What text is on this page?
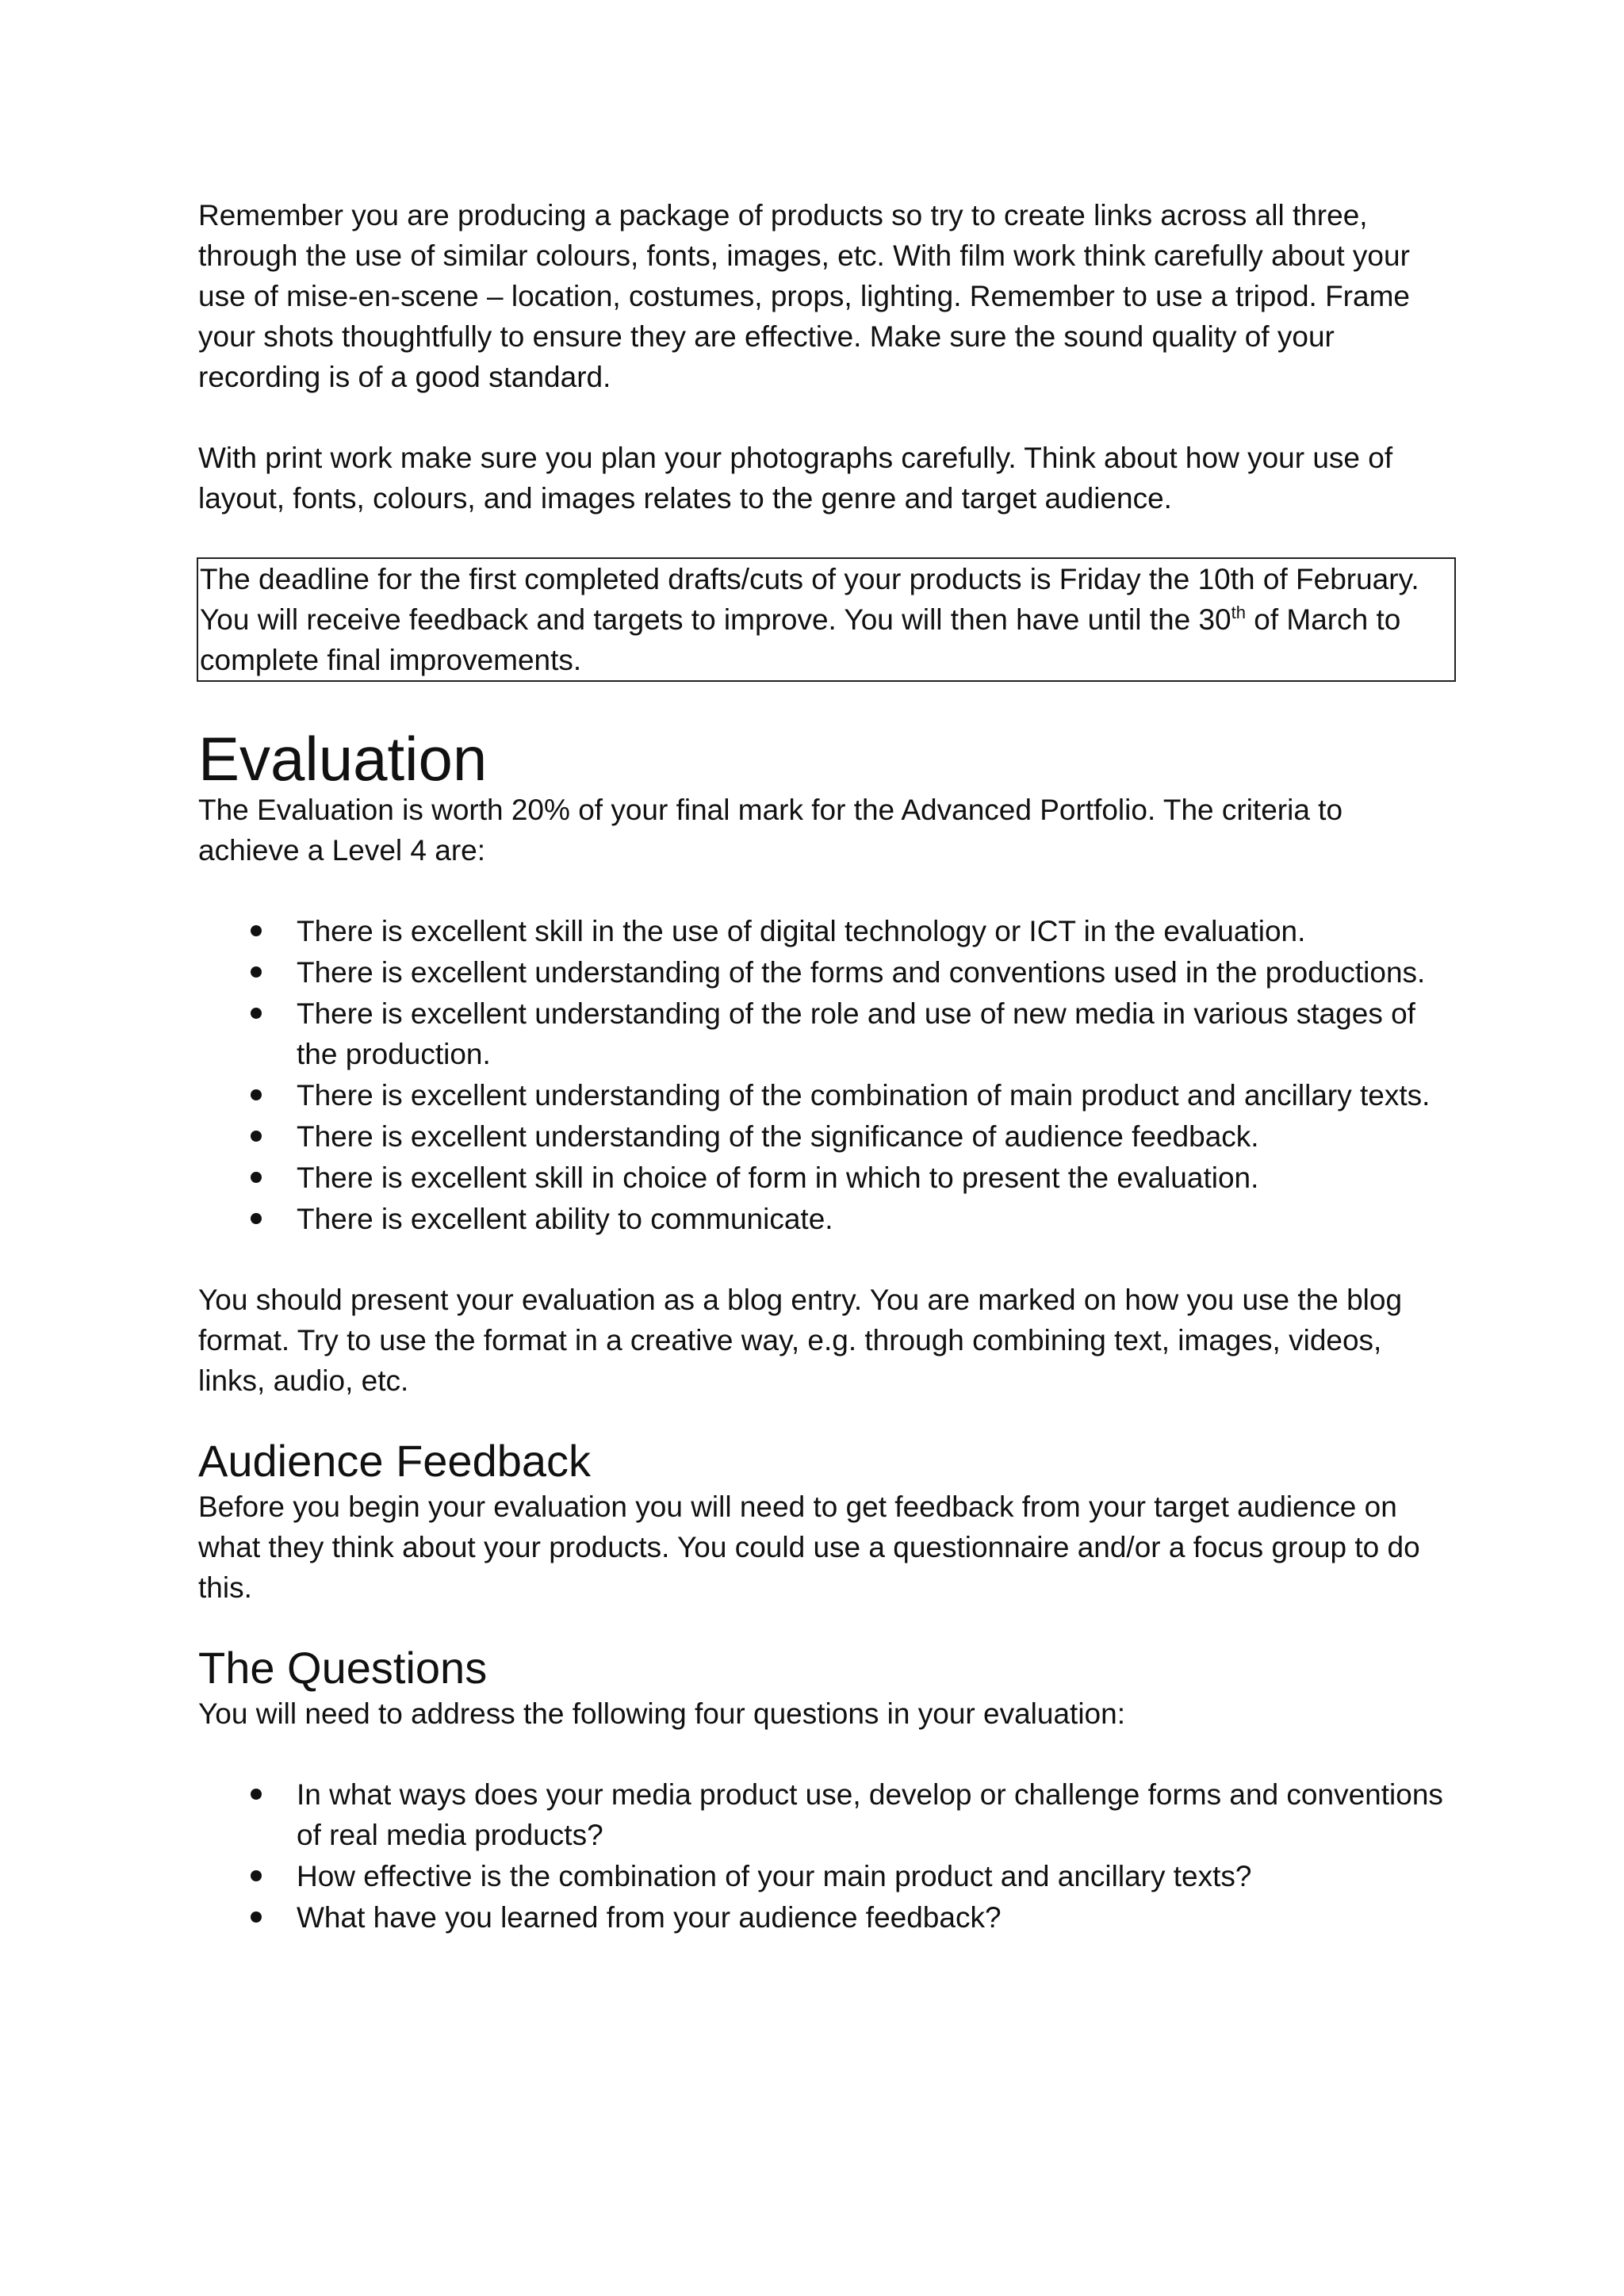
Remember you are producing a package of products so try to create links across all three, through the use of similar colours, fonts, images, etc. With film work think carefully about your use of mise-en-scene – location, costumes, props, lighting. Remember to use a tripod. Frame your shots thoughtfully to ensure they are effective. Make sure the sound quality of your recording is of a good standard.

With print work make sure you plan your photographs carefully. Think about how your use of layout, fonts, colours, and images relates to the genre and target audience.

The deadline for the first completed drafts/cuts of your products is Friday the 10th of February. You will receive feedback and targets to improve. You will then have until the 30th of March to complete final improvements.

Evaluation

The Evaluation is worth 20% of your final mark for the Advanced Portfolio. The criteria to achieve a Level 4 are:

There is excellent skill in the use of digital technology or ICT in the evaluation.
There is excellent understanding of the forms and conventions used in the productions.
There is excellent understanding of the role and use of new media in various stages of the production.
There is excellent understanding of the combination of main product and ancillary texts.
There is excellent understanding of the significance of audience feedback.
There is excellent skill in choice of form in which to present the evaluation.
There is excellent ability to communicate.

You should present your evaluation as a blog entry. You are marked on how you use the blog format. Try to use the format in a creative way, e.g. through combining text, images, videos, links, audio, etc.

Audience Feedback

Before you begin your evaluation you will need to get feedback from your target audience on what they think about your products. You could use a questionnaire and/or a focus group to do this.

The Questions

You will need to address the following four questions in your evaluation:

In what ways does your media product use, develop or challenge forms and conventions of real media products?
How effective is the combination of your main product and ancillary texts?
What have you learned from your audience feedback?
